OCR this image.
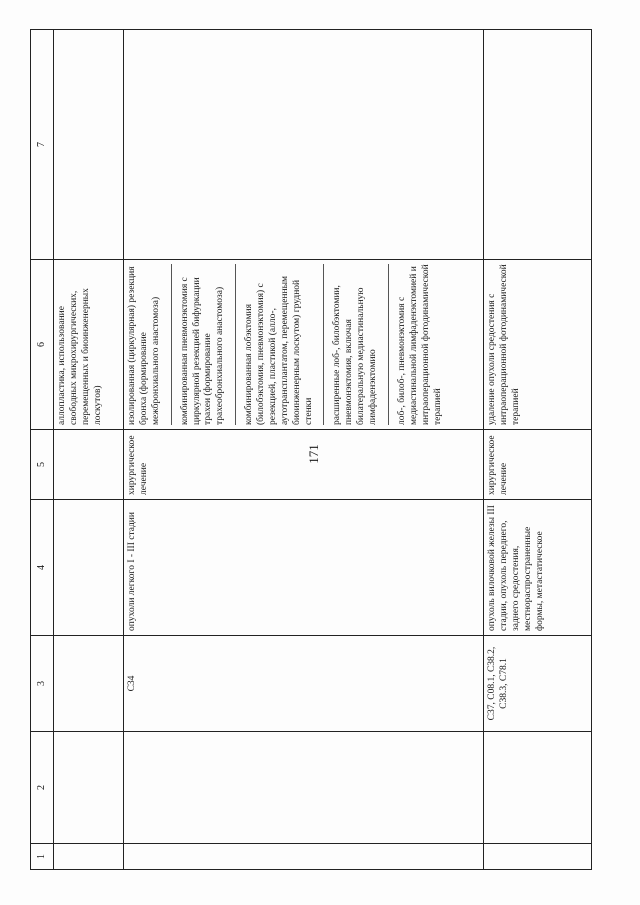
171
1	2	3	4	5	6	7

					аллопластика, использование свободных микрохирургических, перемещенных и биоинженерных лоскутов)	

		C34	опухоли легкого I - III стадии	хирургическое лечение	изолированная (циркулярная) резекция бронха (формирование межбронхиального анастомоза) комбинированная пневмонэктомия с циркулярной резекцией бифуркации трахеи (формирование трахеобронхиального анастомоза) комбинированная лобэктомия (билобэктомия, пневмонэктомия) с резекцией, пластикой (алло-, аутотрансплантатом, перемещенным биоинженерным лоскутом) грудной стенки расширенные лоб-, билобэктомии, пневмонэктомия, включая билатеральную медиастинальную лимфаденэктомию лоб-, билоб-, пневмонэктомия с медиастинальной лимфаденэктомией и интраоперационной фотодинамической терапией	

		C37, C08.1, C38.2, C38.3, C78.1	опухоль вилочковой железы III стадии, опухоль переднего, заднего средостения, местнораспространенные формы, метастатическое	хирургическое лечение	удаление опухоли средостения с интраоперационной фотодинамической терапией	
